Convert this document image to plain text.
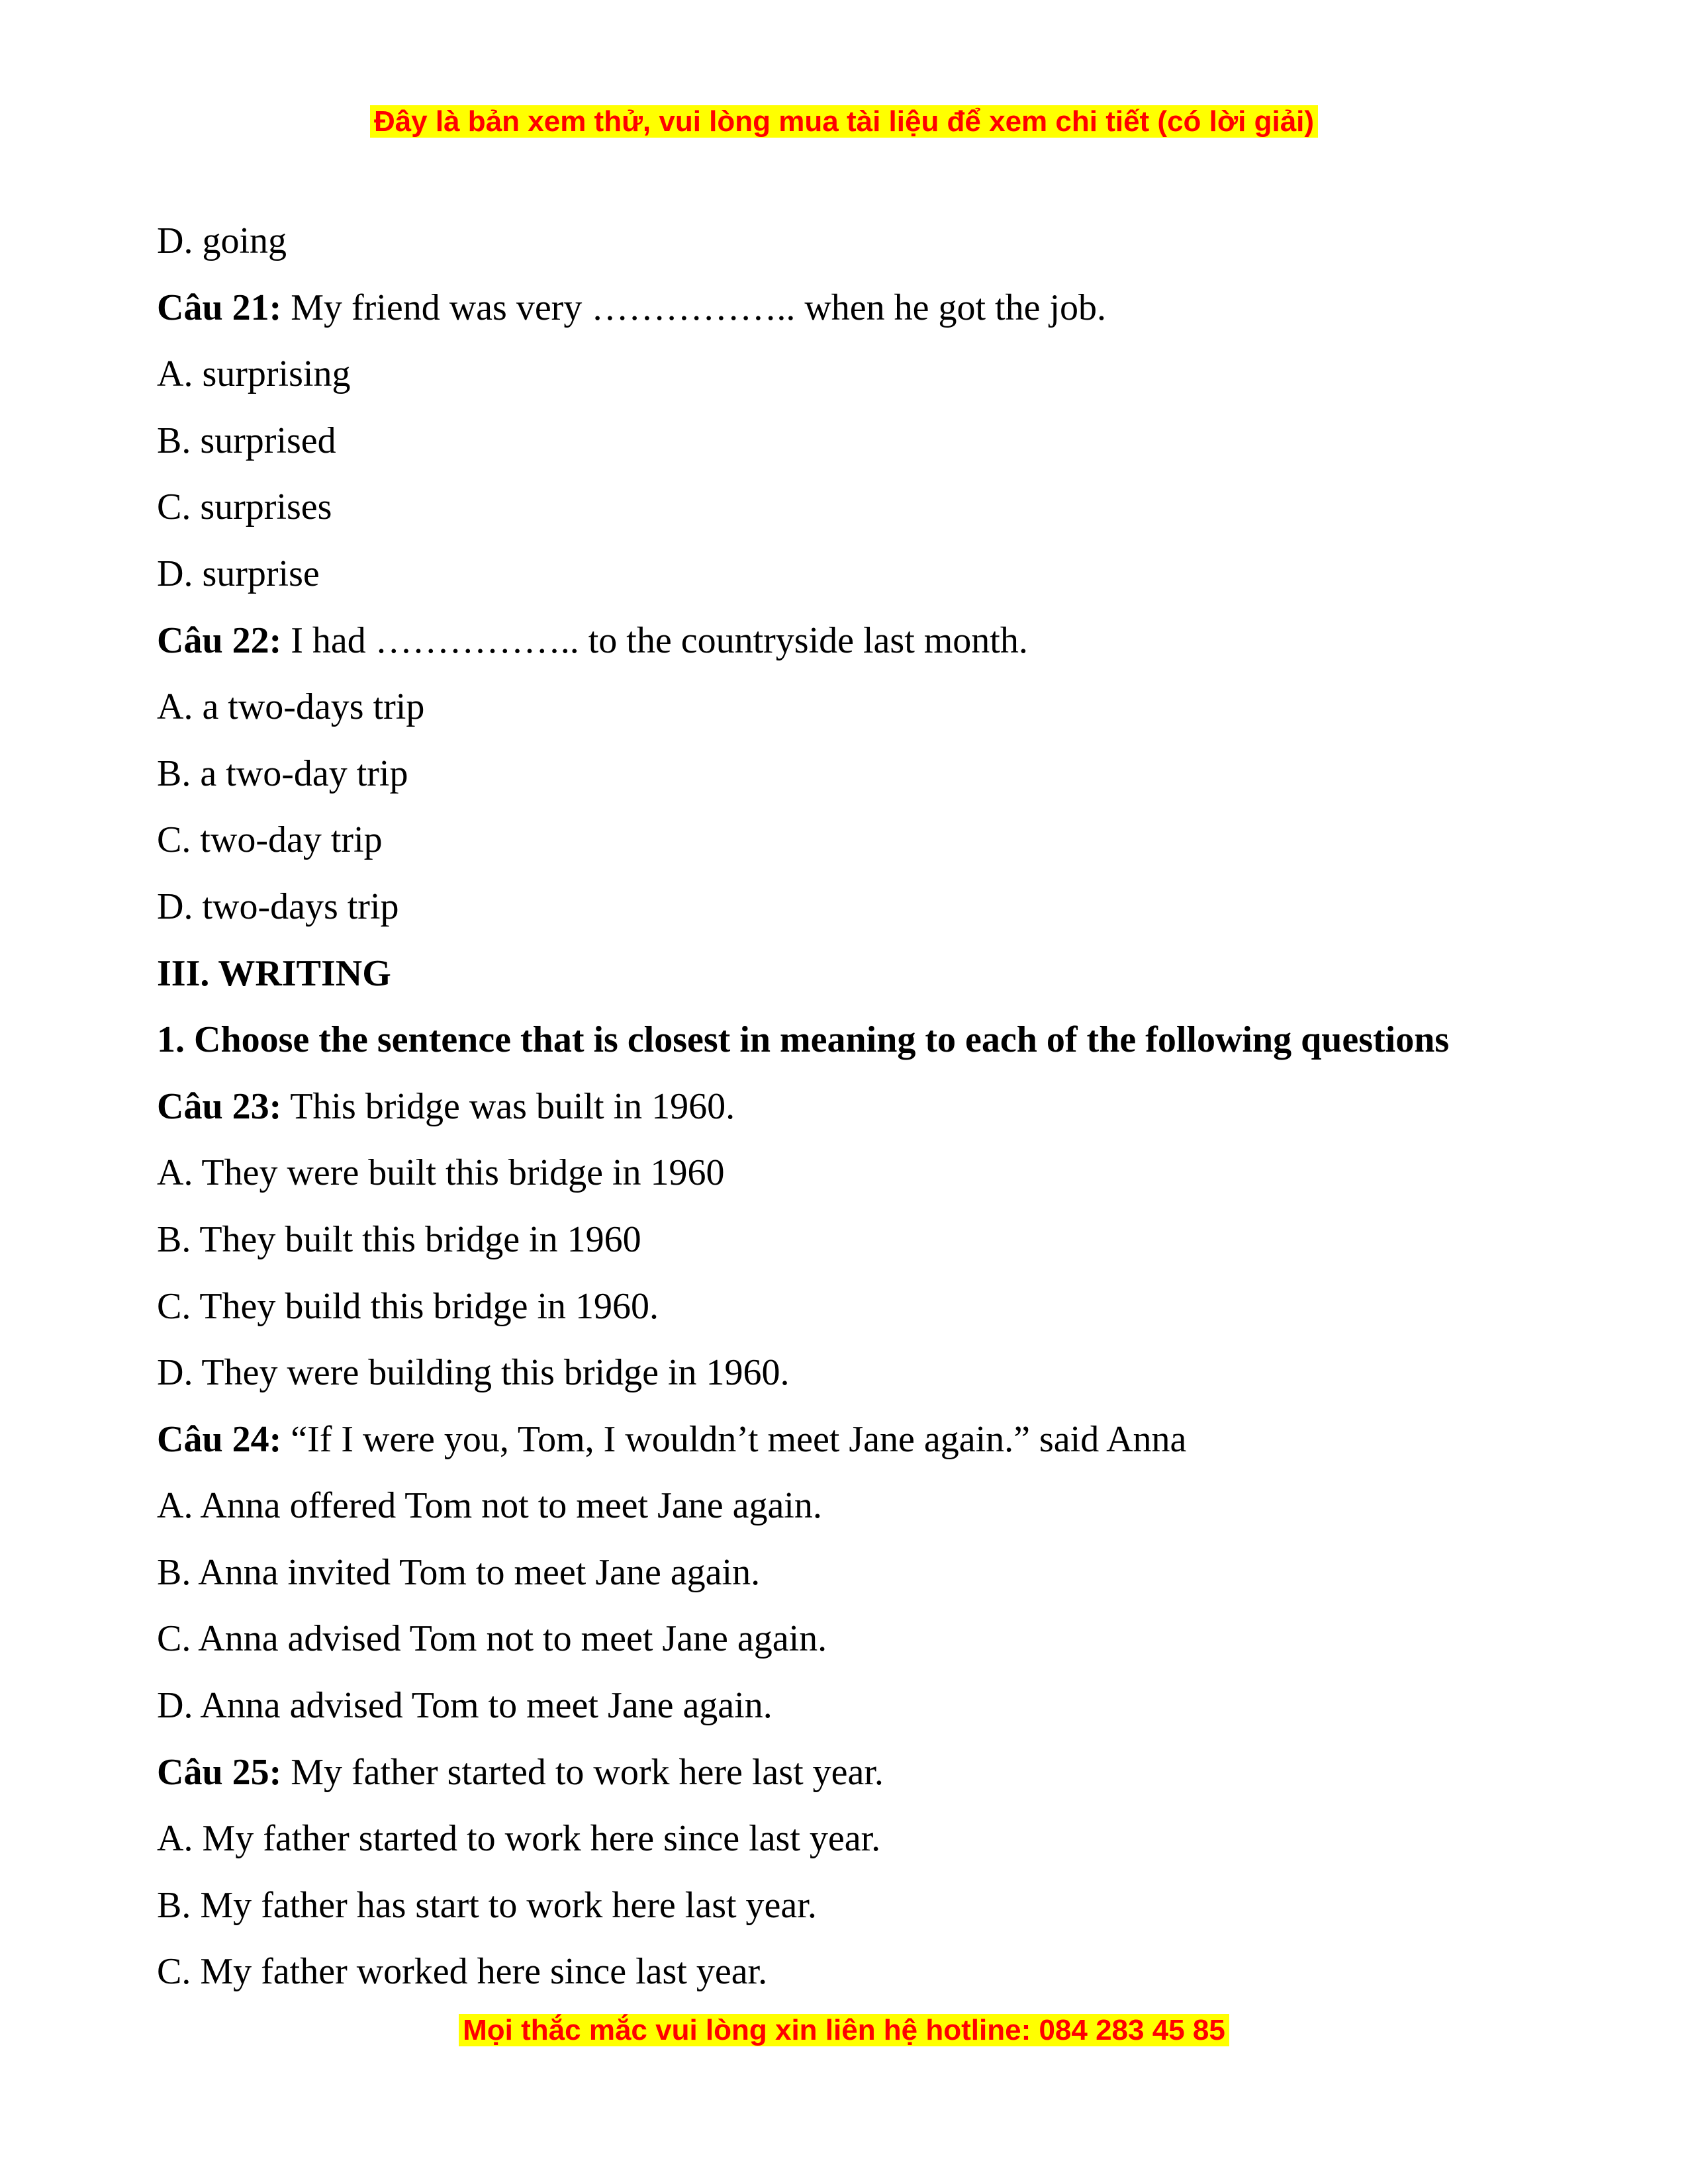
Đây là bản xem thử, vui lòng mua tài liệu để xem chi tiết (có lời giải)
D. going
Câu 21: My friend was very …………….. when he got the job.
A. surprising
B. surprised
C. surprises
D. surprise
Câu 22: I had …………….. to the countryside last month.
A. a two-days trip
B. a two-day trip
C. two-day trip
D. two-days trip
III. WRITING
1. Choose the sentence that is closest in meaning to each of the following questions
Câu 23: This bridge was built in 1960.
A. They were built this bridge in 1960
B. They built this bridge in 1960
C. They build this bridge in 1960.
D. They were building this bridge in 1960.
Câu 24: “If I were you, Tom, I wouldn’t meet Jane again.” said Anna
A. Anna offered Tom not to meet Jane again.
B. Anna invited Tom to meet Jane again.
C. Anna advised Tom not to meet Jane again.
D. Anna advised Tom to meet Jane again.
Câu 25: My father started to work here last year.
A. My father started to work here since last year.
B. My father has start to work here last year.
C. My father worked here since last year.
Mọi thắc mắc vui lòng xin liên hệ hotline: 084 283 45 85
